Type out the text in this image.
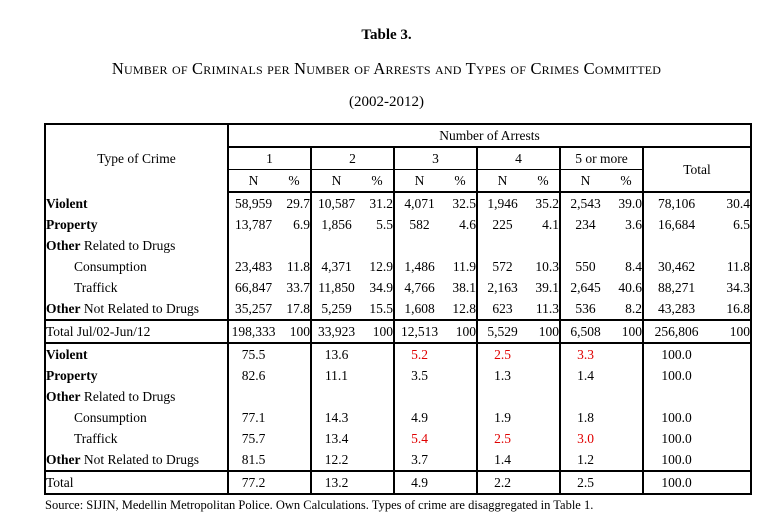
Table 3.
Number of Criminals per Number of Arrests and Types of Crimes Committed
(2002-2012)
Type of Crime	Number of Arrests											
	1		2		3		4		5 or more		Total	
	N	%	N	%	N	%	N	%	N	%		
Violent	58,959	29.7	10,587	31.2	4,071	32.5	1,946	35.2	2,543	39.0	78,106	30.4
Property	13,787	6.9	1,856	5.5	582	4.6	225	4.1	234	3.6	16,684	6.5
Other Related to Drugs												
Consumption	23,483	11.8	4,371	12.9	1,486	11.9	572	10.3	550	8.4	30,462	11.8
Traffick	66,847	33.7	11,850	34.9	4,766	38.1	2,163	39.1	2,645	40.6	88,271	34.3
Other Not Related to Drugs	35,257	17.8	5,259	15.5	1,608	12.8	623	11.3	536	8.2	43,283	16.8
Total Jul/02-Jun/12	198,333	100	33,923	100	12,513	100	5,529	100	6,508	100	256,806	100
Violent	75.5		13.6		5.2		2.5		3.3		100.0	
Property	82.6		11.1		3.5		1.3		1.4		100.0	
Other Related to Drugs												
Consumption	77.1		14.3		4.9		1.9		1.8		100.0	
Traffick	75.7		13.4		5.4		2.5		3.0		100.0	
Other Not Related to Drugs	81.5		12.2		3.7		1.4		1.2		100.0	
Total	77.2		13.2		4.9		2.2		2.5		100.0	
Source: SIJIN, Medellin Metropolitan Police. Own Calculations. Types of crime are disaggregated in Table 1.
